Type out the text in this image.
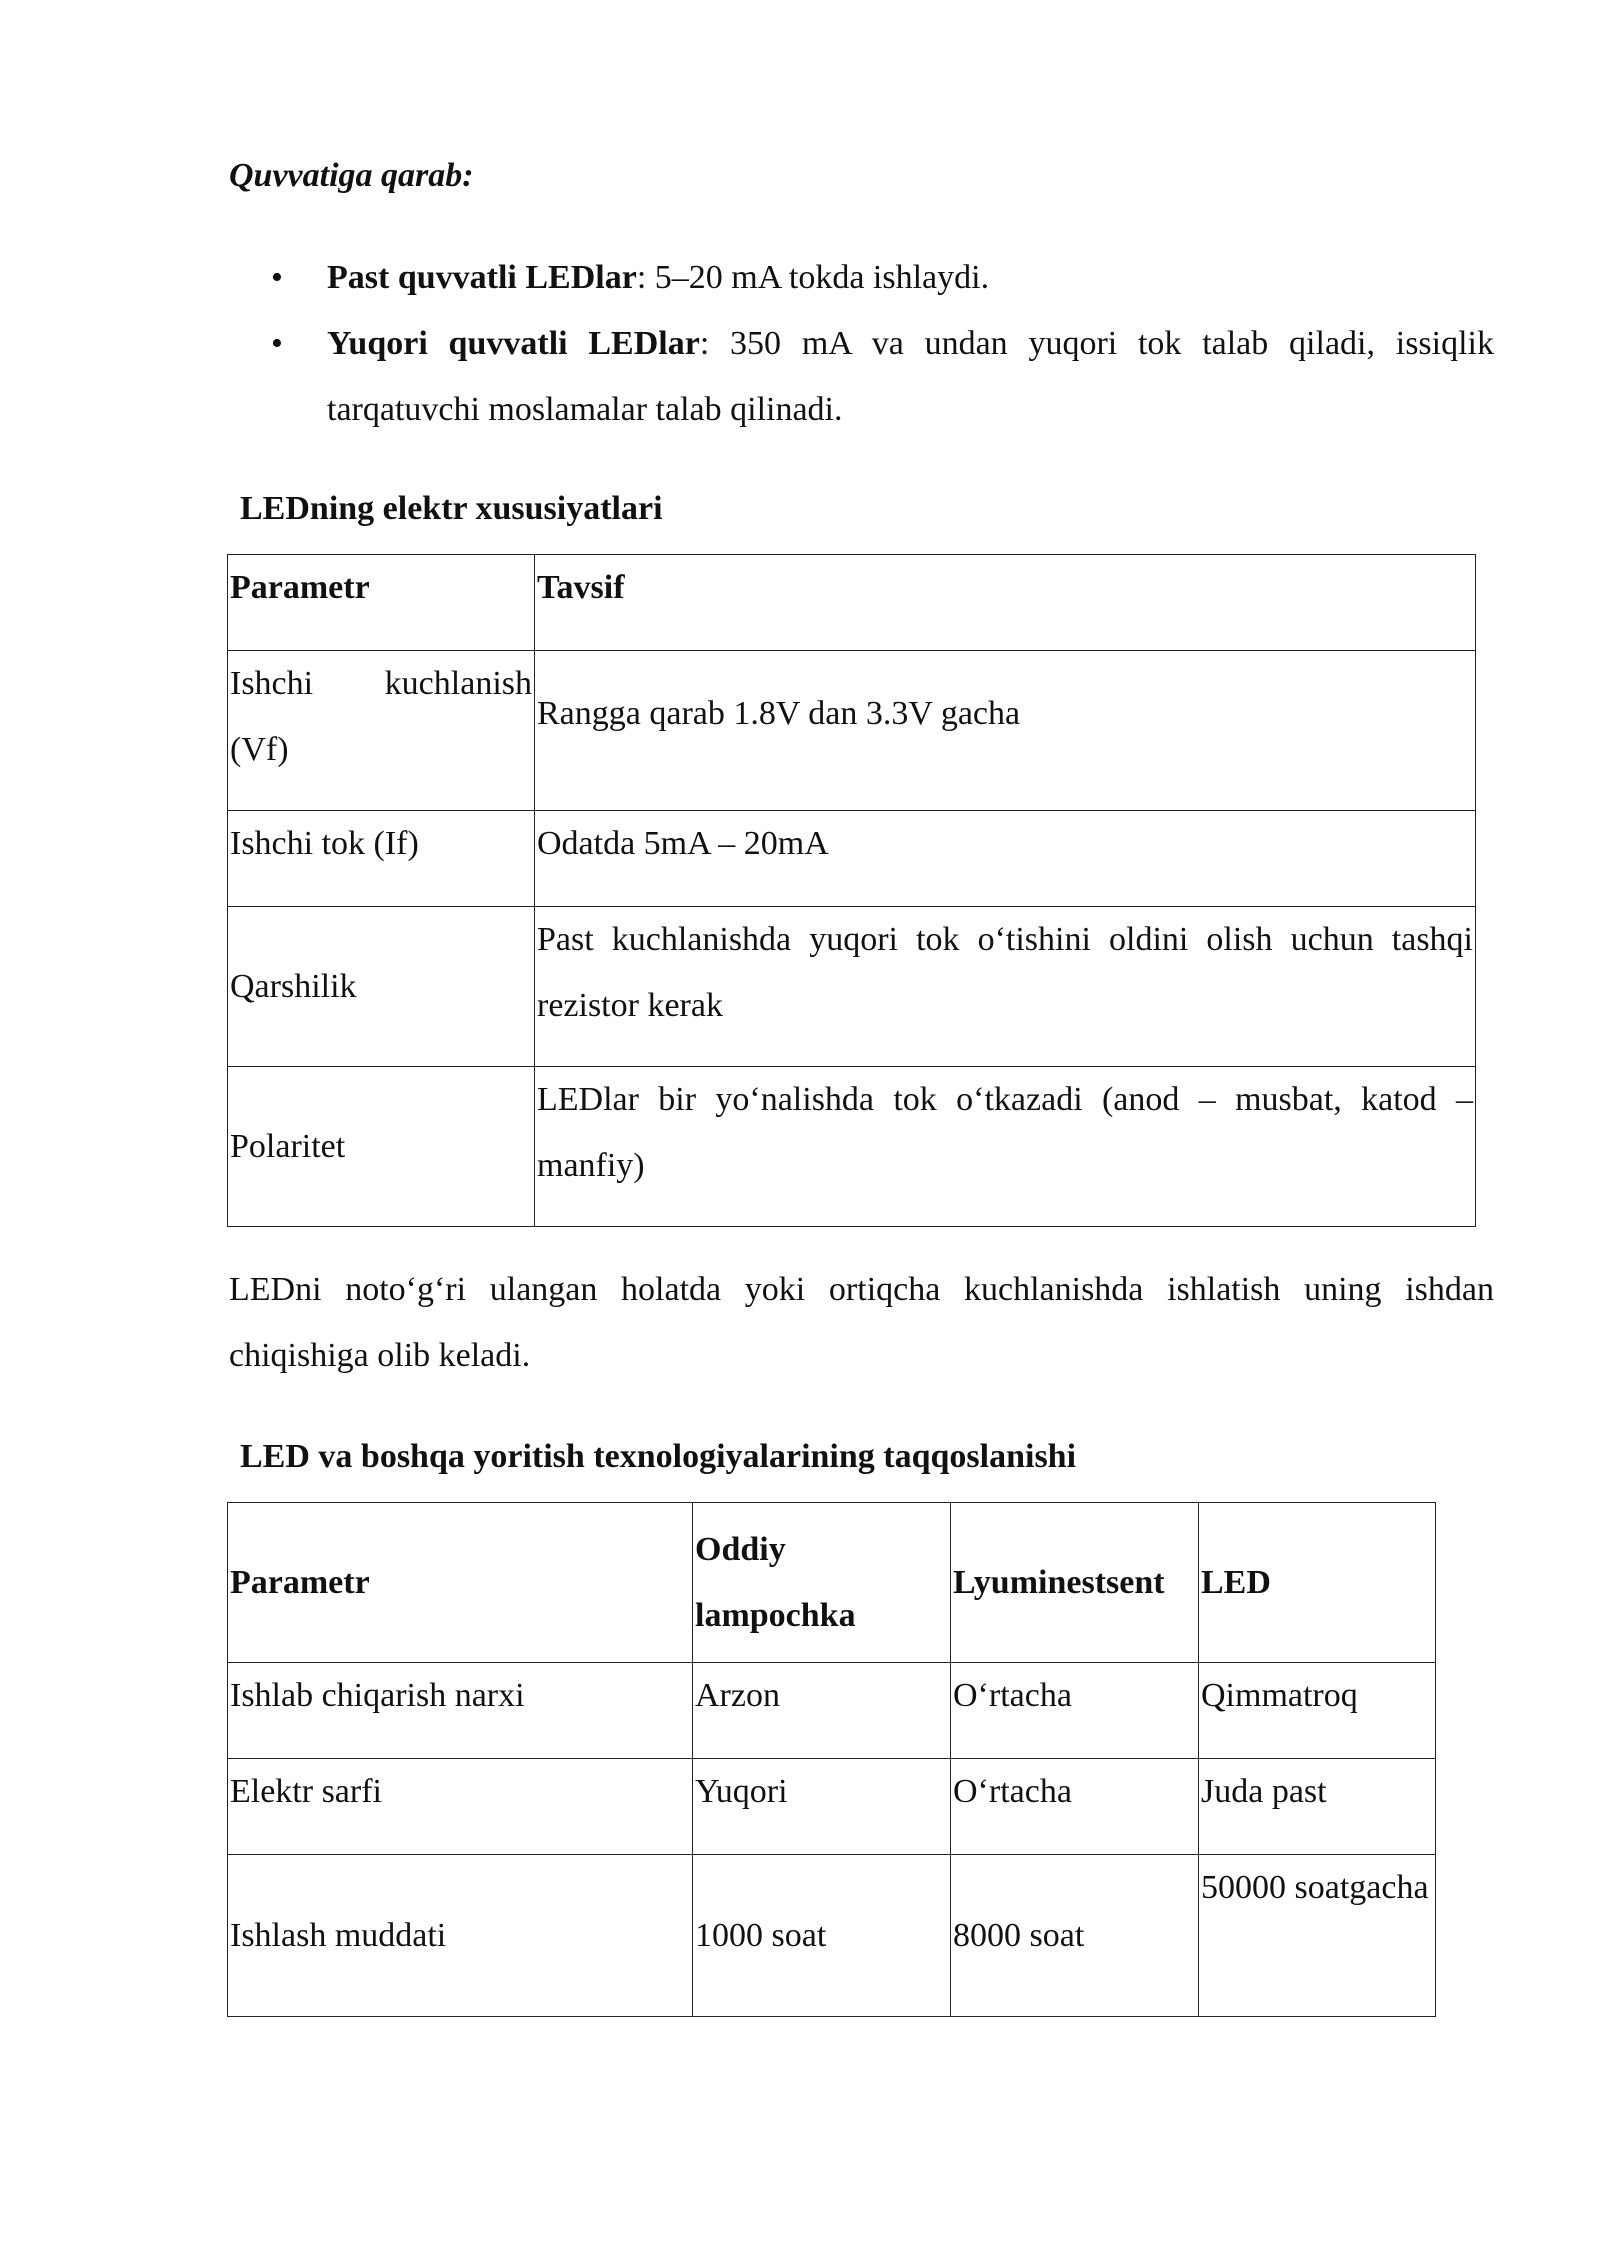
Quvvatiga qarab:

• Past quvvatli LEDlar: 5–20 mA tokda ishlaydi.
• Yuqori quvvatli LEDlar: 350 mA va undan yuqori tok talab qiladi, issiqlik tarqatuvchi moslamalar talab qilinadi.

LEDning elektr xususiyatlari

Parametr	Tavsif
Ishchi kuchlanish (Vf)	Rangga qarab 1.8V dan 3.3V gacha
Ishchi tok (If)	Odatda 5mA – 20mA
Qarshilik	Past kuchlanishda yuqori tok o‘tishini oldini olish uchun tashqi rezistor kerak
Polaritet	LEDlar bir yo‘nalishda tok o‘tkazadi (anod – musbat, katod – manfiy)

LEDni noto‘g‘ri ulangan holatda yoki ortiqcha kuchlanishda ishlatish uning ishdan chiqishiga olib keladi.

LED va boshqa yoritish texnologiyalarining taqqoslanishi

Parametr	Oddiy lampochka	Lyuminestsent	LED
Ishlab chiqarish narxi	Arzon	O‘rtacha	Qimmatroq
Elektr sarfi	Yuqori	O‘rtacha	Juda past
Ishlash muddati	1000 soat	8000 soat	50000 soatgacha
